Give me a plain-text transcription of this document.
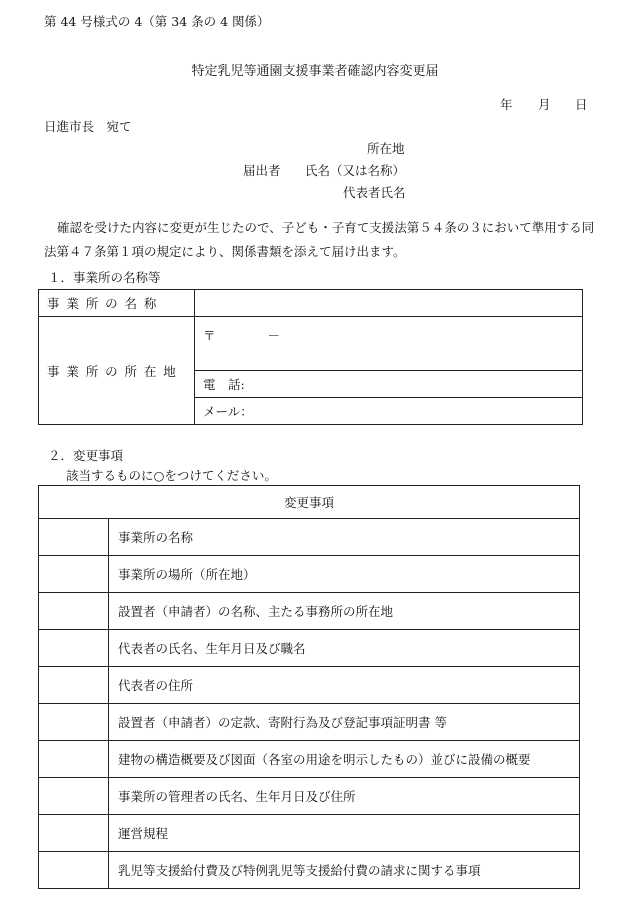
第 44 号様式の 4（第 34 条の 4 関係）
特定乳児等通園支援事業者確認内容変更届
年 月 日
日進市長　宛て
所在地
届出者 氏名（又は名称）
代表者氏名
確認を受けた内容に変更が生じたので、子ども・子育て支援法第５４条の３において準用する同
法第４７条第１項の規定により、関係書類を添えて届け出ます。
１．事業所の名称等
事業所の名称	
事業所の所在地	〒 －
	電　話:
	メール：
２．変更事項
該当するものに○をつけてください。
変更事項	
	事業所の名称
	事業所の場所（所在地）
	設置者（申請者）の名称、主たる事務所の所在地
	代表者の氏名、生年月日及び職名
	代表者の住所
	設置者（申請者）の定款、寄附行為及び登記事項証明書 等
	建物の構造概要及び図面（各室の用途を明示したもの）並びに設備の概要
	事業所の管理者の氏名、生年月日及び住所
	運営規程
	乳児等支援給付費及び特例乳児等支援給付費の請求に関する事項
